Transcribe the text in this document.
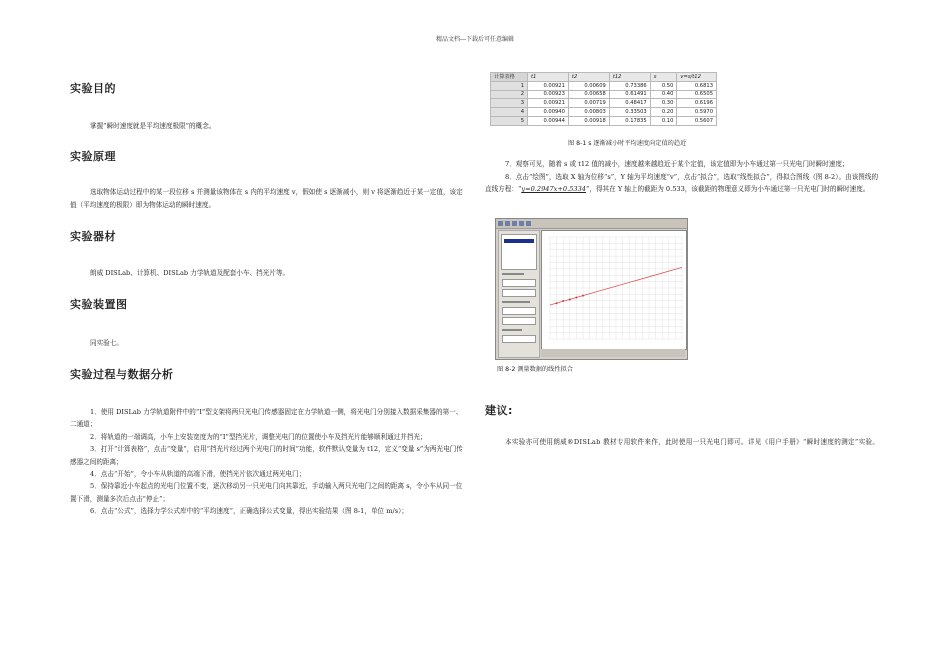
精品文档---下载后可任意编辑
实验目的

掌握“瞬时速度就是平均速度极限”的概念。

实验原理

选取物体运动过程中的某一段位移 s 并测量该物体在 s 内的平均速度 v，假如使 s 逐渐减小，则 v 将逐渐趋近于某一定值，该定值（平均速度的极限）即为物体运动的瞬时速度。

实验器材

朗威 DISLab、计算机、DISLab 力学轨道及配套小车、挡光片等。

实验装置图

同实验七。

实验过程与数据分析
1．使用 DISLab 力学轨道附件中的“I”型支架将两只光电门传感器固定在力学轨道一侧，将光电门分别接入数据采集器的第一、二通道；
2．将轨道的一端调高，小车上安装宽度为的“I”型挡光片，调整光电门的位置使小车及挡光片能够顺利通过并挡光；
3．打开“计算表格”，点击“变量”，启用“挡光片经过两个光电门的时间”功能，软件默认变量为 t12，定义“变量 s”为两光电门传感器之间的距离；
4．点击“开始”，令小车从轨道的高端下滑，使挡光片依次通过两光电门；
5．保持靠近小车起点的光电门位置不变，逐次移动另一只光电门向其靠近，手动输入两只光电门之间的距离 s，令小车从同一位置下滑，测量多次后点击“停止”；
6．点击“公式”，选择力学公式库中的“平均速度”，正确选择公式变量，得出实验结果（图 8-1，单位 m/s）；
计算表格	t1	t2	t12	s	v=s/t12
1	0.00921	0.00609	0.73386	0.50	0.6813
2	0.00923	0.00658	0.61491	0.40	0.6505
3	0.00921	0.00719	0.48417	0.30	0.6196
4	0.00940	0.00803	0.33503	0.20	0.5970
5	0.00944	0.00918	0.17835	0.10	0.5607
图 8-1 s 逐渐减小时平均速度向定值的趋近
7．观察可见，随着 s 或 t12 值的减小，速度越来越趋近于某个定值，该定值即为小车通过第一只光电门时瞬时速度；
8．点击“绘图”，选取 X 轴为位移“s”，Y 轴为平均速度“v”，点击“拟合”，选取“线性拟合”，得拟合图线（图 8-2）。由该图线的直线方程：“y=0.2947x+0.5334”，得其在 Y 轴上的截距为 0.533，该截距的物理意义即为小车通过第一只光电门时的瞬时速度。
图 8-2 测量数据的线性拟合
建议:
本实验亦可使用朗威®DISLab 教材专用软件来作，此时使用一只光电门即可。详见《用户手册》“瞬时速度的测定”实验。
